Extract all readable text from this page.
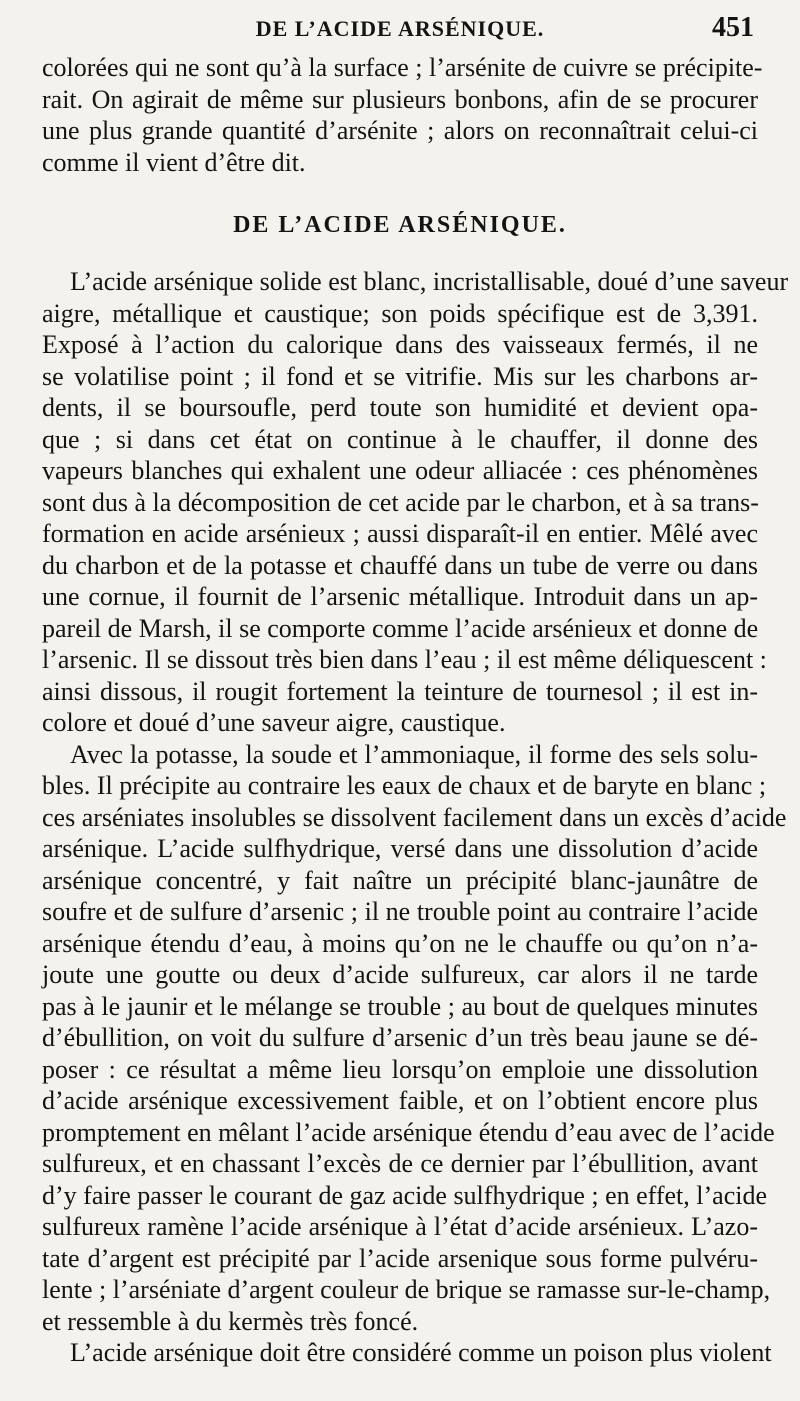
DE L’ACIDE ARSÉNIQUE.	451
colorées qui ne sont qu’à la surface ; l’arsénite de cuivre se précipite-
rait. On agirait de même sur plusieurs bonbons, afin de se procurer
une plus grande quantité d’arsénite ; alors on reconnaîtrait celui-ci
comme il vient d’être dit.
DE L’ACIDE ARSÉNIQUE.
L’acide arsénique solide est blanc, incristallisable, doué d’une saveur
aigre, métallique et caustique; son poids spécifique est de 3,391.
Exposé à l’action du calorique dans des vaisseaux fermés, il ne
se volatilise point ; il fond et se vitrifie. Mis sur les charbons ar-
dents, il se boursoufle, perd toute son humidité et devient opa-
que ; si dans cet état on continue à le chauffer, il donne des
vapeurs blanches qui exhalent une odeur alliacée : ces phénomènes
sont dus à la décomposition de cet acide par le charbon, et à sa trans-
formation en acide arsénieux ; aussi disparaît-il en entier. Mêlé avec
du charbon et de la potasse et chauffé dans un tube de verre ou dans
une cornue, il fournit de l’arsenic métallique. Introduit dans un ap-
pareil de Marsh, il se comporte comme l’acide arsénieux et donne de
l’arsenic. Il se dissout très bien dans l’eau ; il est même déliquescent :
ainsi dissous, il rougit fortement la teinture de tournesol ; il est in-
colore et doué d’une saveur aigre, caustique.
Avec la potasse, la soude et l’ammoniaque, il forme des sels solu-
bles. Il précipite au contraire les eaux de chaux et de baryte en blanc ;
ces arséniates insolubles se dissolvent facilement dans un excès d’acide
arsénique. L’acide sulfhydrique, versé dans une dissolution d’acide
arsénique concentré, y fait naître un précipité blanc-jaunâtre de
soufre et de sulfure d’arsenic ; il ne trouble point au contraire l’acide
arsénique étendu d’eau, à moins qu’on ne le chauffe ou qu’on n’a-
joute une goutte ou deux d’acide sulfureux, car alors il ne tarde
pas à le jaunir et le mélange se trouble ; au bout de quelques minutes
d’ébullition, on voit du sulfure d’arsenic d’un très beau jaune se dé-
poser : ce résultat a même lieu lorsqu’on emploie une dissolution
d’acide arsénique excessivement faible, et on l’obtient encore plus
promptement en mêlant l’acide arsénique étendu d’eau avec de l’acide
sulfureux, et en chassant l’excès de ce dernier par l’ébullition, avant
d’y faire passer le courant de gaz acide sulfhydrique ; en effet, l’acide
sulfureux ramène l’acide arsénique à l’état d’acide arsénieux. L’azo-
tate d’argent est précipité par l’acide arsenique sous forme pulvéru-
lente ; l’arséniate d’argent couleur de brique se ramasse sur-le-champ,
et ressemble à du kermès très foncé.
L’acide arsénique doit être considéré comme un poison plus violent
